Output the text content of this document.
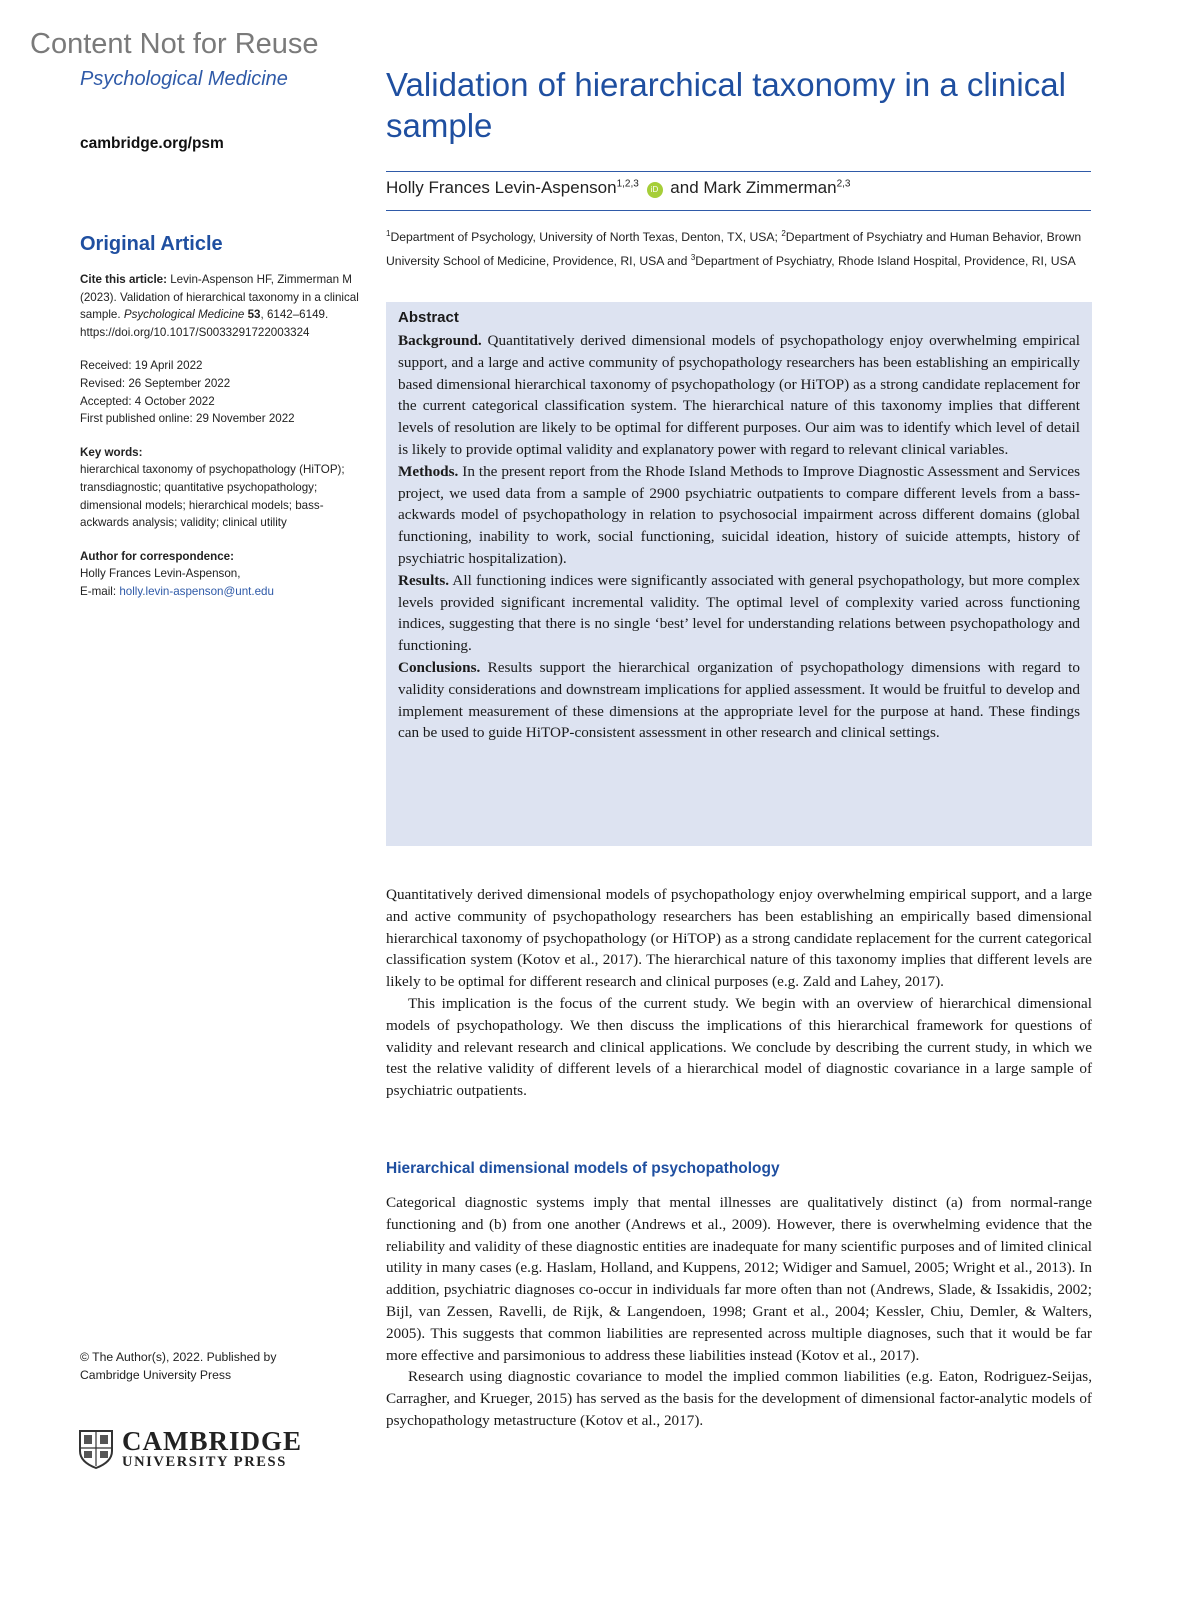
Content Not for Reuse
Psychological Medicine
cambridge.org/psm
Original Article
Cite this article: Levin-Aspenson HF, Zimmerman M (2023). Validation of hierarchical taxonomy in a clinical sample. Psychological Medicine 53, 6142–6149. https://doi.org/10.1017/S0033291722003324
Received: 19 April 2022
Revised: 26 September 2022
Accepted: 4 October 2022
First published online: 29 November 2022
Key words:
hierarchical taxonomy of psychopathology (HiTOP); transdiagnostic; quantitative psychopathology; dimensional models; hierarchical models; bass-ackwards analysis; validity; clinical utility
Author for correspondence:
Holly Frances Levin-Aspenson,
E-mail: holly.levin-aspenson@unt.edu
© The Author(s), 2022. Published by
Cambridge University Press
CAMBRIDGE
UNIVERSITY PRESS
Validation of hierarchical taxonomy in a clinical sample
Holly Frances Levin-Aspenson$^{1,2,3}$ iD and Mark Zimmerman$^{2,3}$
$^1$Department of Psychology, University of North Texas, Denton, TX, USA; $^2$Department of Psychiatry and Human Behavior, Brown University School of Medicine, Providence, RI, USA and $^3$Department of Psychiatry, Rhode Island Hospital, Providence, RI, USA
Abstract

Background. Quantitatively derived dimensional models of psychopathology enjoy overwhelming empirical support, and a large and active community of psychopathology researchers has been establishing an empirically based dimensional hierarchical taxonomy of psychopathology (or HiTOP) as a strong candidate replacement for the current categorical classification system. The hierarchical nature of this taxonomy implies that different levels of resolution are likely to be optimal for different purposes. Our aim was to identify which level of detail is likely to provide optimal validity and explanatory power with regard to relevant clinical variables.

Methods. In the present report from the Rhode Island Methods to Improve Diagnostic Assessment and Services project, we used data from a sample of 2900 psychiatric outpatients to compare different levels from a bass-ackwards model of psychopathology in relation to psychosocial impairment across different domains (global functioning, inability to work, social functioning, suicidal ideation, history of suicide attempts, history of psychiatric hospitalization).

Results. All functioning indices were significantly associated with general psychopathology, but more complex levels provided significant incremental validity. The optimal level of complexity varied across functioning indices, suggesting that there is no single ‘best’ level for understanding relations between psychopathology and functioning.

Conclusions. Results support the hierarchical organization of psychopathology dimensions with regard to validity considerations and downstream implications for applied assessment. It would be fruitful to develop and implement measurement of these dimensions at the appropriate level for the purpose at hand. These findings can be used to guide HiTOP-consistent assessment in other research and clinical settings.

Quantitatively derived dimensional models of psychopathology enjoy overwhelming empirical support, and a large and active community of psychopathology researchers has been establishing an empirically based dimensional hierarchical taxonomy of psychopathology (or HiTOP) as a strong candidate replacement for the current categorical classification system (Kotov et al., 2017). The hierarchical nature of this taxonomy implies that different levels are likely to be optimal for different research and clinical purposes (e.g. Zald and Lahey, 2017).

This implication is the focus of the current study. We begin with an overview of hierarchical dimensional models of psychopathology. We then discuss the implications of this hierarchical framework for questions of validity and relevant research and clinical applications. We conclude by describing the current study, in which we test the relative validity of different levels of a hierarchical model of diagnostic covariance in a large sample of psychiatric outpatients.

Hierarchical dimensional models of psychopathology

Categorical diagnostic systems imply that mental illnesses are qualitatively distinct (a) from normal-range functioning and (b) from one another (Andrews et al., 2009). However, there is overwhelming evidence that the reliability and validity of these diagnostic entities are inadequate for many scientific purposes and of limited clinical utility in many cases (e.g. Haslam, Holland, and Kuppens, 2012; Widiger and Samuel, 2005; Wright et al., 2013). In addition, psychiatric diagnoses co-occur in individuals far more often than not (Andrews, Slade, & Issakidis, 2002; Bijl, van Zessen, Ravelli, de Rijk, & Langendoen, 1998; Grant et al., 2004; Kessler, Chiu, Demler, & Walters, 2005). This suggests that common liabilities are represented across multiple diagnoses, such that it would be far more effective and parsimonious to address these liabilities instead (Kotov et al., 2017).

Research using diagnostic covariance to model the implied common liabilities (e.g. Eaton, Rodriguez-Seijas, Carragher, and Krueger, 2015) has served as the basis for the development of dimensional factor-analytic models of psychopathology metastructure (Kotov et al., 2017).
